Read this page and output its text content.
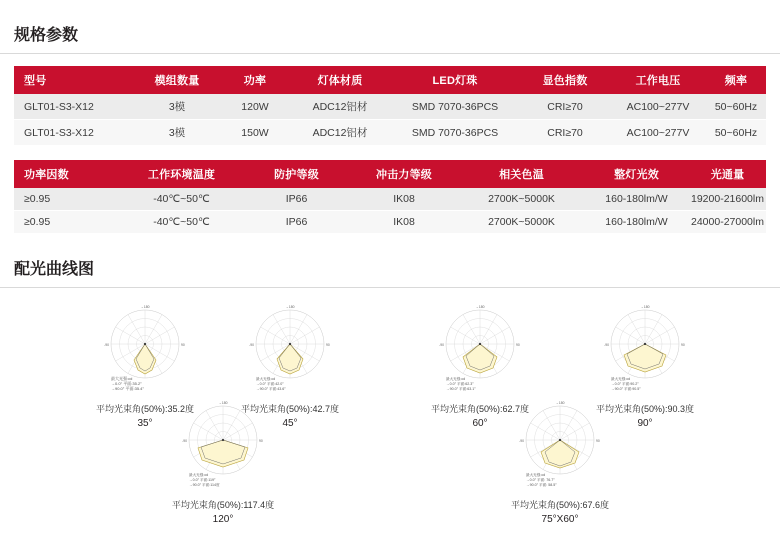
规格参数
型号	模组数量	功率	灯体材质	LED灯珠	显色指数	工作电压	频率
GLT01-S3-X12	3模	120W	ADC12铝材	SMD 7070-36PCS	CRI≥70	AC100~277V	50~60Hz
GLT01-S3-X12	3模	150W	ADC12铝材	SMD 7070-36PCS	CRI≥70	AC100~277V	50~60Hz
功率因数	工作环境温度	防护等级	冲击力等级	相关色温	整灯光效	光通量
≥0.95	-40℃~50℃	IP66	IK08	2700K~5000K	160-180lm/W	19200-21600lm
≥0.95	-40℃~50℃	IP66	IK08	2700K~5000K	160-180lm/W	24000-27000lm
配光曲线图
→180
-90	90
最大光强:cd
→0.0° 平面:35.2°
→90.0° 平面:35.4°
平均光束角(50%):35.2度
35°
→180
-90	90
最大光强:cd
→0.0° 平面:42.0°
→90.0° 平面:43.6°
平均光束角(50%):42.7度
45°
→180
-90	90
最大光强:cd
→0.0° 平面:62.3°
→90.0° 平面:63.1°
平均光束角(50%):62.7度
60°
→180
-90	90
最大光强:cd
→0.0° 平面:90.2°
→90.0° 平面:90.5°
平均光束角(50%):90.3度
90°
→180
-90	90
最大光强:cd
→0.0° 平面:119°
→90.0° 平面:114度
平均光束角(50%):117.4度
120°
→180
-90	90
最大光强:cd
→0.0° 平面: 76.7°
→90.0° 平面: 58.5°
平均光束角(50%):67.6度
75°X60°
